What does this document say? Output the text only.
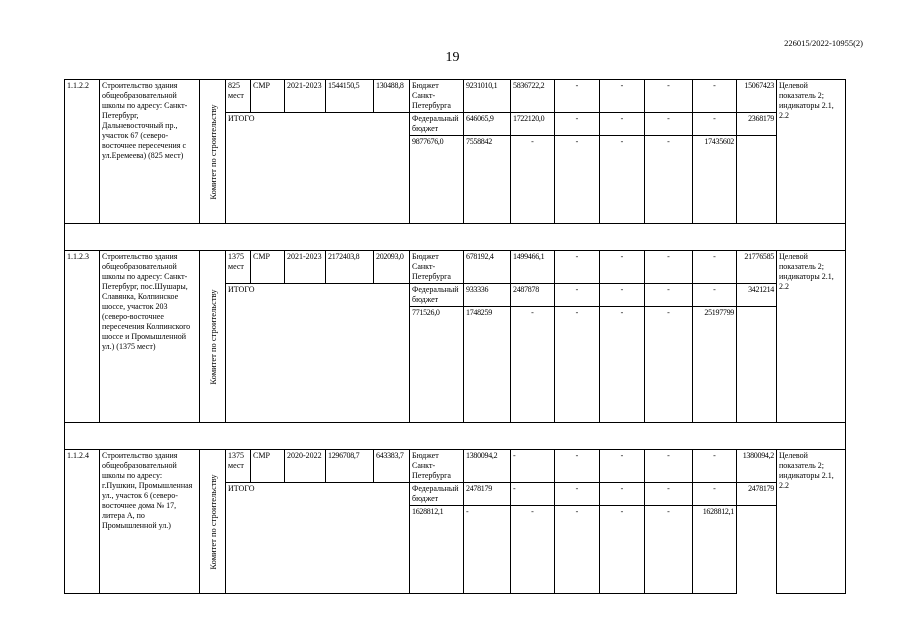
226015/2022-10955(2)
19
1.1.2.2	Строительство здания общеобразовательной школы по адресу: Санкт-Петербург, Дальневосточный пр., участок 67 (северо-восточнее пересечения с ул.Еремеева) (825 мест)	Комитет по строительству	825 мест	СМР	2021-2023	1544150,5	130488,8	Бюджет Санкт-Петербурга	9231010,1	5836722,2	-	-	-	-	15067423	Целевой показатель 2; индикаторы 2.1, 2.2
			ИТОГО					Федеральный бюджет	646065,9	1722120,0	-	-	-	-	2368179	
								9877676,0	7558842	-	-	-	-	17435602		

1.1.2.3	Строительство здания общеобразовательной школы по адресу: Санкт-Петербург, пос.Шушары, Славянка, Колпинское шоссе, участок 203 (северо-восточнее пересечения Колпинского шоссе и Промышленной ул.) (1375 мест)	Комитет по строительству	1375 мест	СМР	2021-2023	2172403,8	202093,0	Бюджет Санкт-Петербурга	678192,4	1499466,1	-	-	-	-	21776585	Целевой показатель 2; индикаторы 2.1, 2.2
			ИТОГО					Федеральный бюджет	933336	2487878	-	-	-	-	3421214	
								771526,0	1748259	-	-	-	-	25197799		

1.1.2.4	Строительство здания общеобразовательной школы по адресу: г.Пушкин, Промышленная ул., участок 6 (северо-восточнее дома № 17, литера А, по Промышленной ул.)	Комитет по строительству	1375 мест	СМР	2020-2022	1296708,7	643383,7	Бюджет Санкт-Петербурга	1380094,2	-	-	-	-	-	1380094,2	Целевой показатель 2; индикаторы 2.1, 2.2
			ИТОГО					Федеральный бюджет	2478179	-	-	-	-	-	2478179	
								1628812,1	-	-	-	-	-	1628812,1		
